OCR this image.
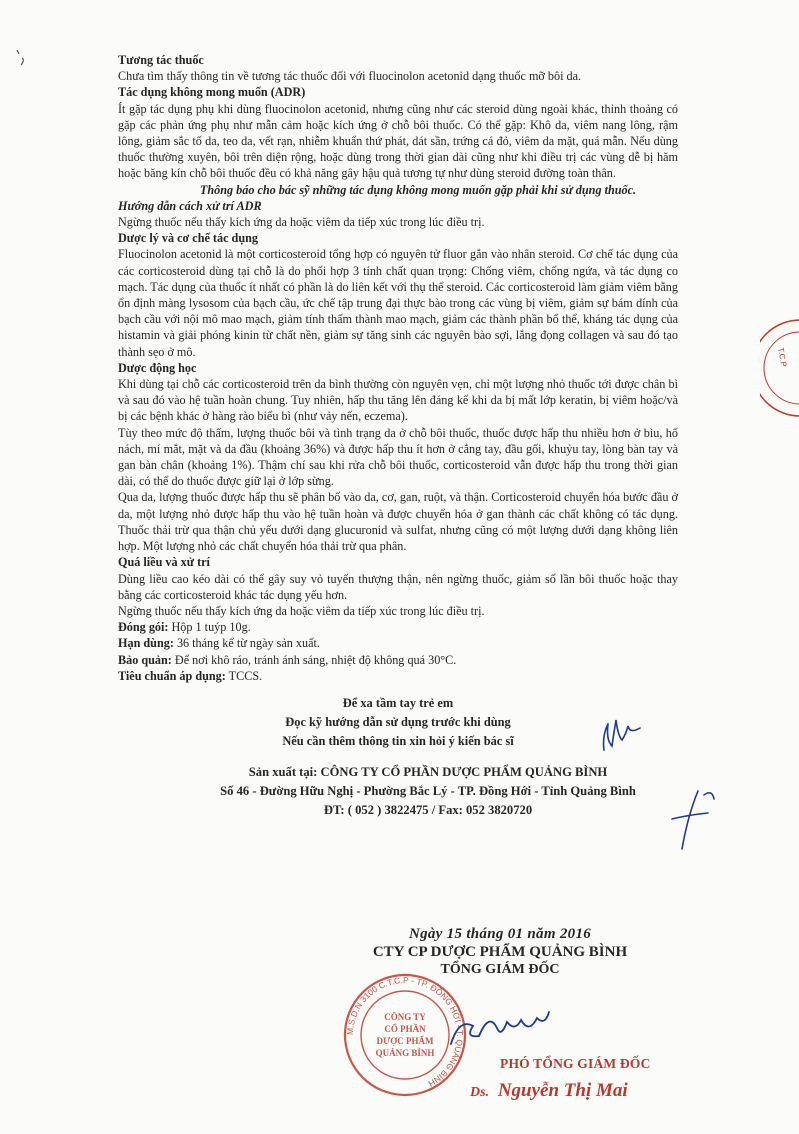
Tương tác thuốc

Chưa tìm thấy thông tin về tương tác thuốc đối với fluocinolon acetonid dạng thuốc mỡ bôi da.

Tác dụng không mong muốn (ADR)

Ít gặp tác dụng phụ khi dùng fluocinolon acetonid, nhưng cũng như các steroid dùng ngoài khác, thỉnh thoảng có gặp các phản ứng phụ như mẫn cảm hoặc kích ứng ở chỗ bôi thuốc. Có thể gặp: Khô da, viêm nang lông, rậm lông, giảm sắc tố da, teo da, vết rạn, nhiễm khuẩn thứ phát, dát sần, trứng cá đỏ, viêm da mặt, quá mẫn. Nếu dùng thuốc thường xuyên, bôi trên diện rộng, hoặc dùng trong thời gian dài cũng như khi điều trị các vùng dễ bị hăm hoặc băng kín chỗ bôi thuốc đều có khả năng gây hậu quả tương tự như dùng steroid đường toàn thân.

Thông báo cho bác sỹ những tác dụng không mong muốn gặp phải khi sử dụng thuốc.

Hướng dẫn cách xử trí ADR

Ngừng thuốc nếu thấy kích ứng da hoặc viêm da tiếp xúc trong lúc điều trị.

Dược lý và cơ chế tác dụng

Fluocinolon acetonid là một corticosteroid tổng hợp có nguyên tử fluor gắn vào nhân steroid. Cơ chế tác dụng của các corticosteroid dùng tại chỗ là do phối hợp 3 tính chất quan trọng: Chống viêm, chống ngứa, và tác dụng co mạch. Tác dụng của thuốc ít nhất có phần là do liên kết với thụ thể steroid. Các corticosteroid làm giảm viêm bằng ổn định màng lysosom của bạch cầu, ức chế tập trung đại thực bào trong các vùng bị viêm, giảm sự bám dính của bạch cầu với nội mô mao mạch, giảm tính thấm thành mao mạch, giảm các thành phần bổ thể, kháng tác dụng của histamin và giải phóng kinin từ chất nền, giảm sự tăng sinh các nguyên bào sợi, lắng đọng collagen và sau đó tạo thành sẹo ở mô.

Dược động học

Khi dùng tại chỗ các corticosteroid trên da bình thường còn nguyên vẹn, chỉ một lượng nhỏ thuốc tới được chân bì và sau đó vào hệ tuần hoàn chung. Tuy nhiên, hấp thu tăng lên đáng kể khi da bị mất lớp keratin, bị viêm hoặc/và bị các bệnh khác ở hàng rào biểu bì (như vảy nến, eczema).

Tùy theo mức độ thấm, lượng thuốc bôi và tình trạng da ở chỗ bôi thuốc, thuốc được hấp thu nhiều hơn ở bìu, hố nách, mí mắt, mặt và da đầu (khoảng 36%) và được hấp thu ít hơn ở cẳng tay, đầu gối, khuỷu tay, lòng bàn tay và gan bàn chân (khoảng 1%). Thậm chí sau khi rửa chỗ bôi thuốc, corticosteroid vẫn được hấp thu trong thời gian dài, có thể do thuốc được giữ lại ở lớp sừng.

Qua da, lượng thuốc được hấp thu sẽ phân bố vào da, cơ, gan, ruột, và thận. Corticosteroid chuyển hóa bước đầu ở da, một lượng nhỏ được hấp thu vào hệ tuần hoàn và được chuyển hóa ở gan thành các chất không có tác dụng. Thuốc thải trừ qua thận chủ yếu dưới dạng glucuronid và sulfat, nhưng cũng có một lượng dưới dạng không liên hợp. Một lượng nhỏ các chất chuyển hóa thải trừ qua phân.

Quá liều và xử trí

Dùng liều cao kéo dài có thể gây suy vỏ tuyến thượng thận, nên ngừng thuốc, giảm số lần bôi thuốc hoặc thay bằng các corticosteroid khác tác dụng yếu hơn.

Ngừng thuốc nếu thấy kích ứng da hoặc viêm da tiếp xúc trong lúc điều trị.

Đóng gói: Hộp 1 tuýp 10g.

Hạn dùng: 36 tháng kể từ ngày sản xuất.

Bảo quản: Để nơi khô ráo, tránh ánh sáng, nhiệt độ không quá 30°C.

Tiêu chuẩn áp dụng: TCCS.

Để xa tầm tay trẻ em
Đọc kỹ hướng dẫn sử dụng trước khi dùng
Nếu cần thêm thông tin xin hỏi ý kiến bác sĩ
Sản xuất tại: CÔNG TY CỔ PHẦN DƯỢC PHẨM QUẢNG BÌNH
Số 46 - Đường Hữu Nghị - Phường Bắc Lý - TP. Đồng Hới - Tỉnh Quảng Bình
ĐT: ( 052 ) 3822475 / Fax: 052 3820720
T.C.P
Ngày 15 tháng 01 năm 2016
CTY CP DƯỢC PHẨM QUẢNG BÌNH
TỔNG GIÁM ĐỐC
M.S.D.N 3100 C.T.C.P - TP. ĐỒNG HỚI - T. QUẢNG BÌNH
CÔNG TY
CỔ PHẦN
DƯỢC PHẨM
QUẢNG BÌNH
PHÓ TỔNG GIÁM ĐỐC
Ds. Nguyễn Thị Mai
